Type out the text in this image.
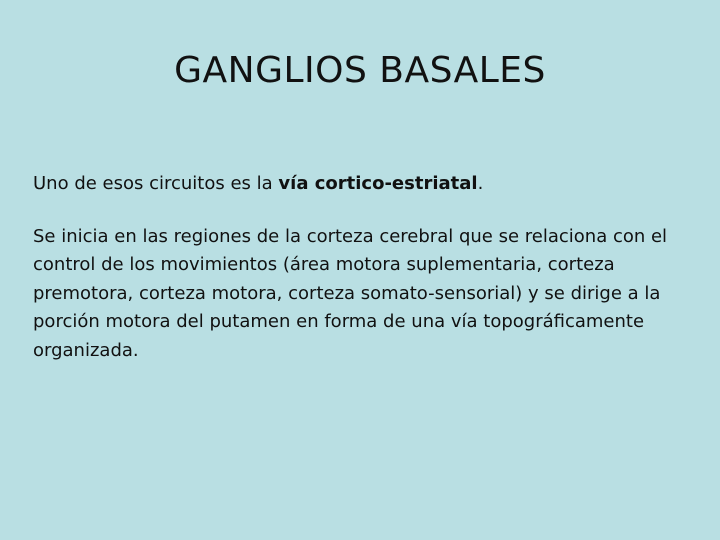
GANGLIOS BASALES

Uno de esos circuitos es la vía cortico-estriatal.

Se inicia en las regiones de la corteza cerebral que se relaciona con el control de los movimientos (área motora suplementaria, corteza premotora, corteza motora, corteza somato-sensorial) y se dirige a la porción motora del putamen en forma de una vía topográficamente organizada.
